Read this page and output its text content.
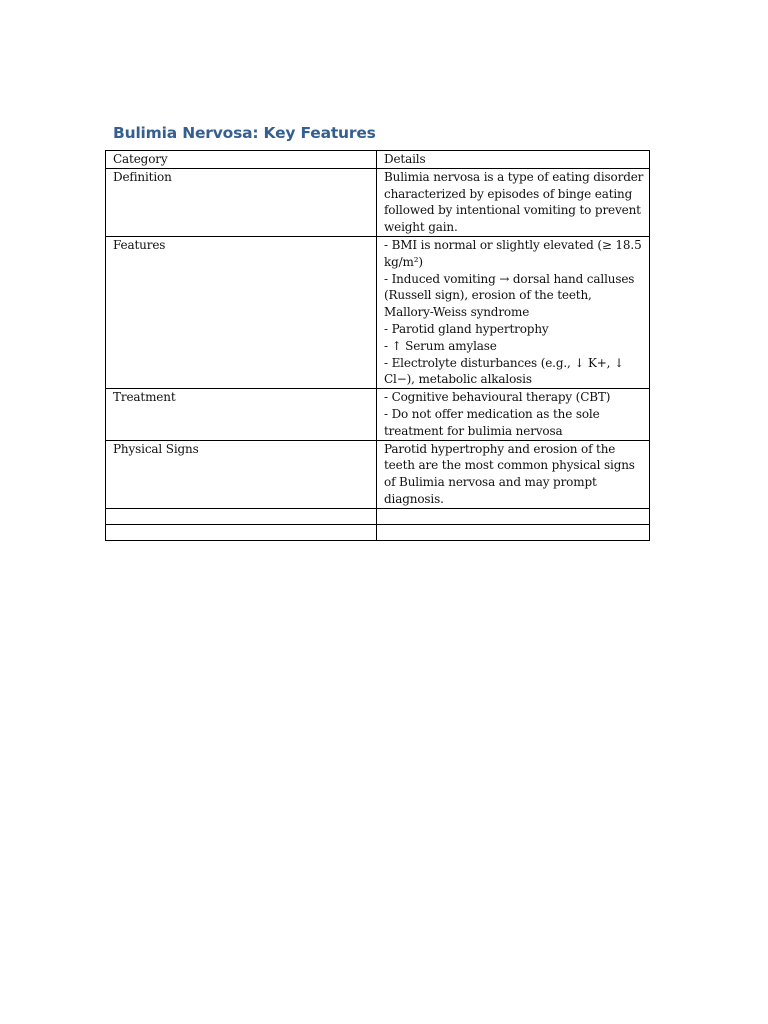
Bulimia Nervosa: Key Features
Category	Details
Definition	Bulimia nervosa is a type of eating disorder characterized by episodes of binge eating followed by intentional vomiting to prevent weight gain.

Features	- BMI is normal or slightly elevated (≥ 18.5 kg/m²)
- Induced vomiting → dorsal hand calluses (Russell sign), erosion of the teeth, Mallory-Weiss syndrome
- Parotid gland hypertrophy
- ↑ Serum amylase
- Electrolyte disturbances (e.g., ↓ K+, ↓ Cl−), metabolic alkalosis

Treatment	- Cognitive behavioural therapy (CBT)
- Do not offer medication as the sole treatment for bulimia nervosa

Physical Signs	Parotid hypertrophy and erosion of the teeth are the most common physical signs of Bulimia nervosa and may prompt diagnosis.
